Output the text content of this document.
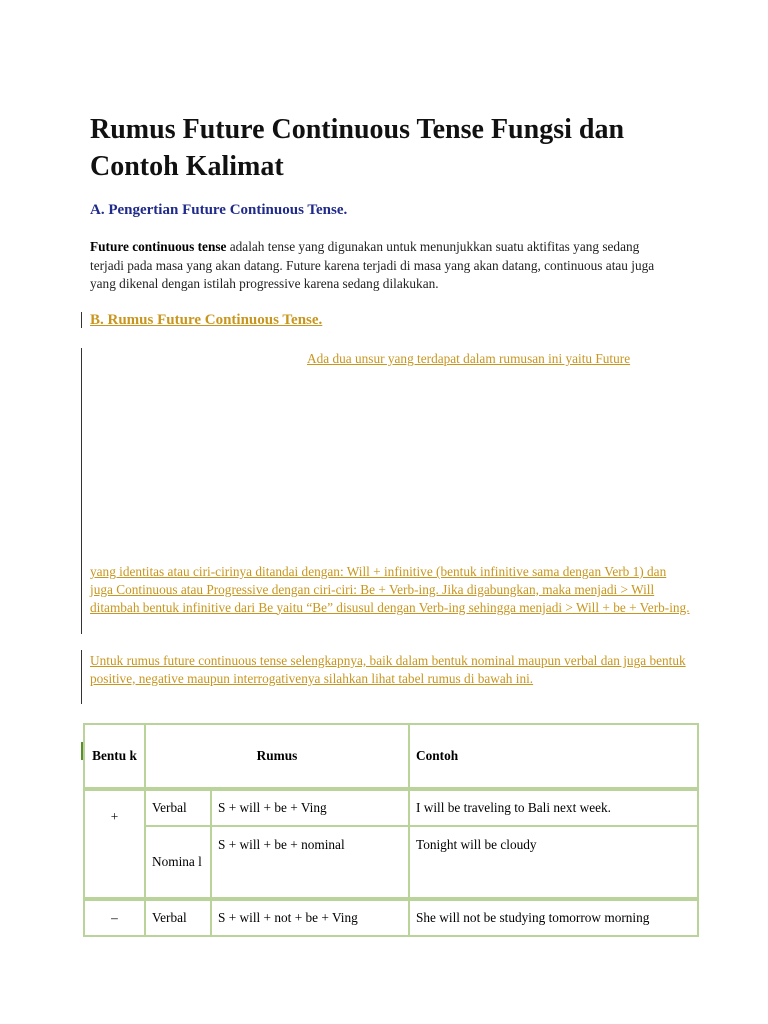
Rumus Future Continuous Tense Fungsi dan Contoh Kalimat
A. Pengertian Future Continuous Tense.

Future continuous tense adalah tense yang digunakan untuk menunjukkan suatu aktifitas yang sedang terjadi pada masa yang akan datang. Future karena terjadi di masa yang akan datang, continuous atau juga yang dikenal dengan istilah progressive karena sedang dilakukan.

B. Rumus Future Continuous Tense.

Ada dua unsur yang terdapat dalam rumusan ini yaitu Future

yang identitas atau ciri-cirinya ditandai dengan: Will + infinitive (bentuk infinitive sama dengan Verb 1) dan juga Continuous atau Progressive dengan ciri-ciri: Be + Verb-ing. Jika digabungkan, maka menjadi > Will ditambah bentuk infinitive dari Be yaitu “Be” disusul dengan Verb-ing sehingga menjadi > Will + be + Verb-ing.

Untuk rumus future continuous tense selengkapnya, baik dalam bentuk nominal maupun verbal dan juga bentuk positive, negative maupun interrogativenya silahkan lihat tabel rumus di bawah ini.

Bentu k	Rumus		Contoh
+	Verbal	S + will + be + Ving	I will be traveling to Bali next week.
	Nomina l	S + will + be + nominal	Tonight will be cloudy
–	Verbal	S + will + not + be + Ving	She will not be studying tomorrow morning
